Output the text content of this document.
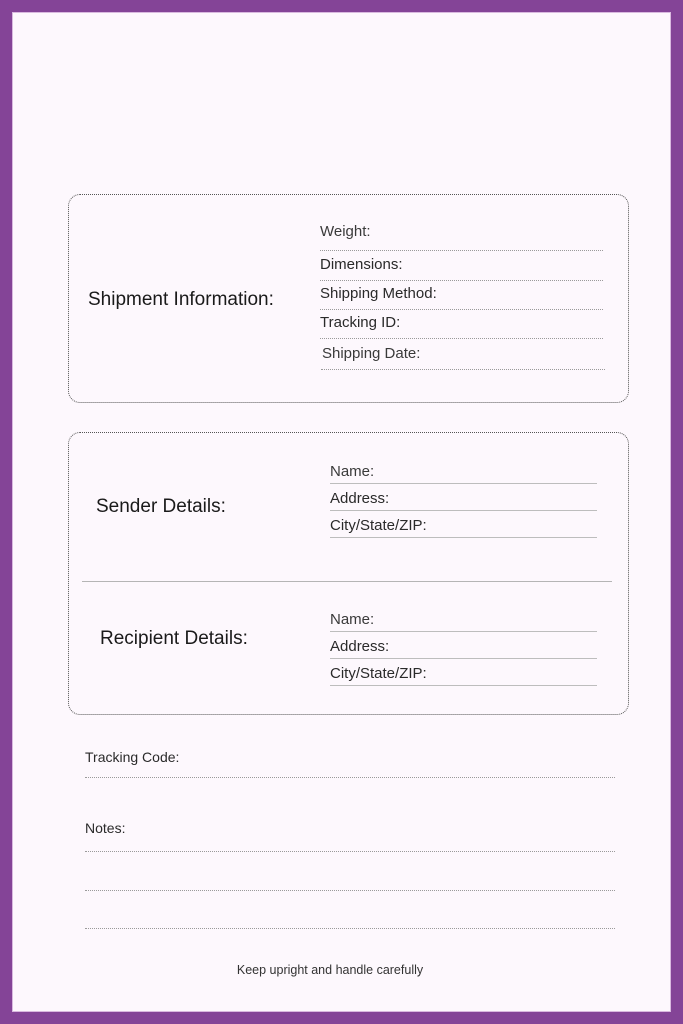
Shipment Information:
Weight:
Dimensions:
Shipping Method:
Tracking ID:
Shipping Date:
Sender Details:
Name:
Address:
City/State/ZIP:
Recipient Details:
Name:
Address:
City/State/ZIP:
Tracking Code:
Notes:
Keep upright and handle carefully
